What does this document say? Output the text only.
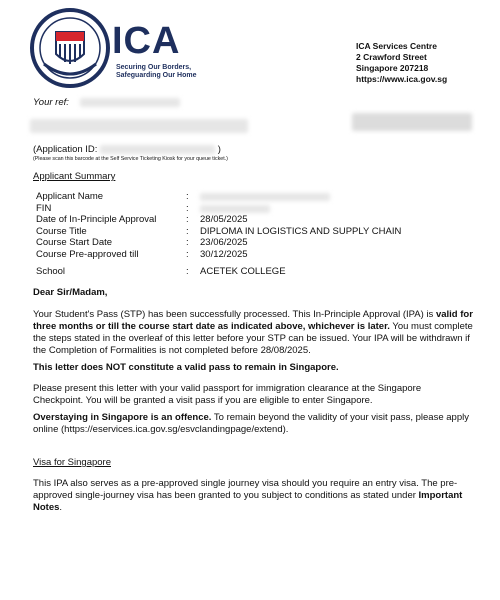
ICA
Securing Our Borders,
Safeguarding Our Home
ICA Services Centre
2 Crawford Street
Singapore 207218
https://www.ica.gov.sg
Your ref:
(Application ID:	)
(Please scan this barcode at the Self Service Ticketing Kiosk for your queue ticket.)
Applicant Summary
Applicant Name	:
FIN	:
Date of In-Principle Approval	: 28/05/2025
Course Title	: DIPLOMA IN LOGISTICS AND SUPPLY CHAIN
Course Start Date	: 23/06/2025
Course Pre-approved till	: 30/12/2025
School	: ACETEK COLLEGE
Dear Sir/Madam,
Your Student's Pass (STP) has been successfully processed. This In-Principle Approval (IPA) is valid for three months or till the course start date as indicated above, whichever is later. You must complete the steps stated in the overleaf of this letter before your STP can be issued. Your IPA will be withdrawn if the Completion of Formalities is not completed before 28/08/2025.
This letter does NOT constitute a valid pass to remain in Singapore.
Please present this letter with your valid passport for immigration clearance at the Singapore Checkpoint. You will be granted a visit pass if you are eligible to enter Singapore.
Overstaying in Singapore is an offence. To remain beyond the validity of your visit pass, please apply online (https://eservices.ica.gov.sg/esvclandingpage/extend).
Visa for Singapore
This IPA also serves as a pre-approved single journey visa should you require an entry visa. The pre-approved single-journey visa has been granted to you subject to conditions as stated under Important Notes.
